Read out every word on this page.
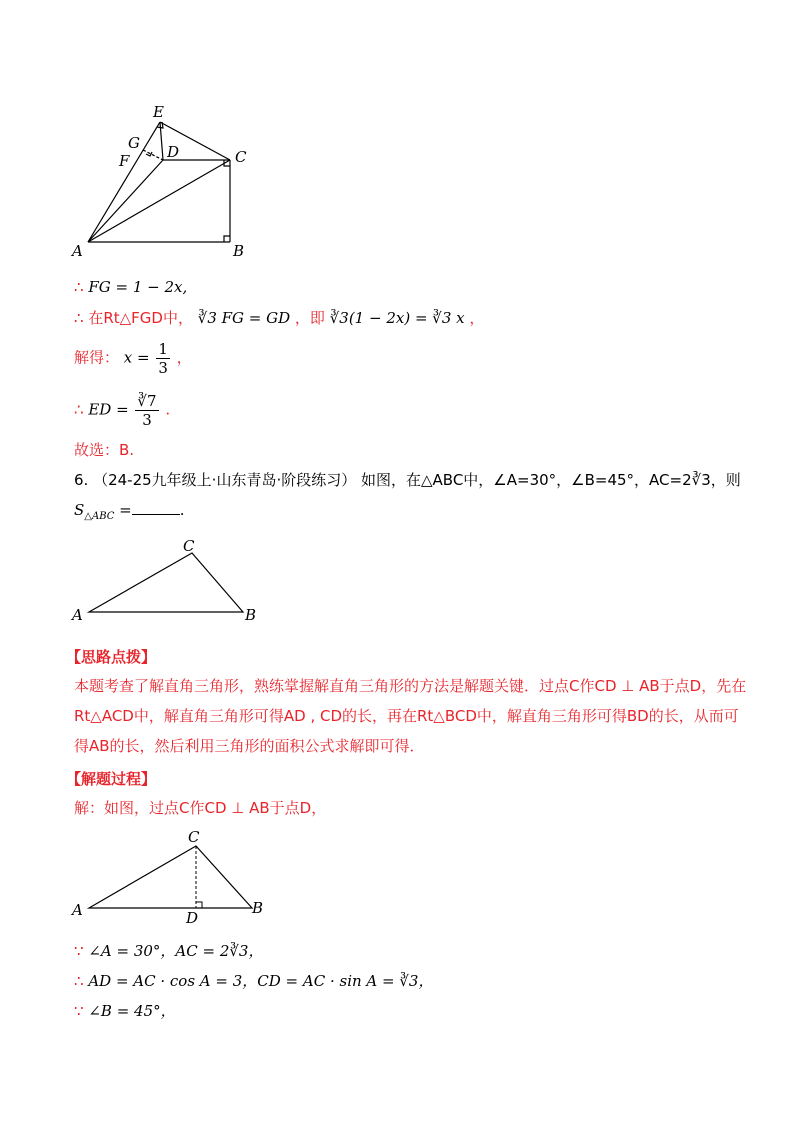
E
G
F	D	C
A	B
∴ FG = 1 − 2x,
∴ 在Rt△FGD中， ∛3 FG = GD ，即 ∛3(1 − 2x) = ∛3 x ，
解得： $x = \frac{1}{3}$ ，
∴ ED = $\frac{∛7}{3}$ .
故选：B.
6. （24-25九年级上·山东青岛·阶段练习） 如图，在△ABC中，∠A=30°，∠B=45°，AC=2∛3，则
$S_{\triangle ABC}$ =	.
A	B
C
【思路点拨】
本题考查了解直角三角形，熟练掌握解直角三角形的方法是解题关键．过点C作CD ⊥ AB于点D，先在
Rt△ACD中，解直角三角形可得AD , CD的长，再在Rt△BCD中，解直角三角形可得BD的长，从而可
得AB的长，然后利用三角形的面积公式求解即可得．
【解题过程】
解：如图，过点C作CD ⊥ AB于点D，
A	B
C
D
∵ ∠A = 30°，AC = 2∛3，
∴ AD = AC · cos A = 3，CD = AC · sin A = ∛3，
∵ ∠B = 45°，
